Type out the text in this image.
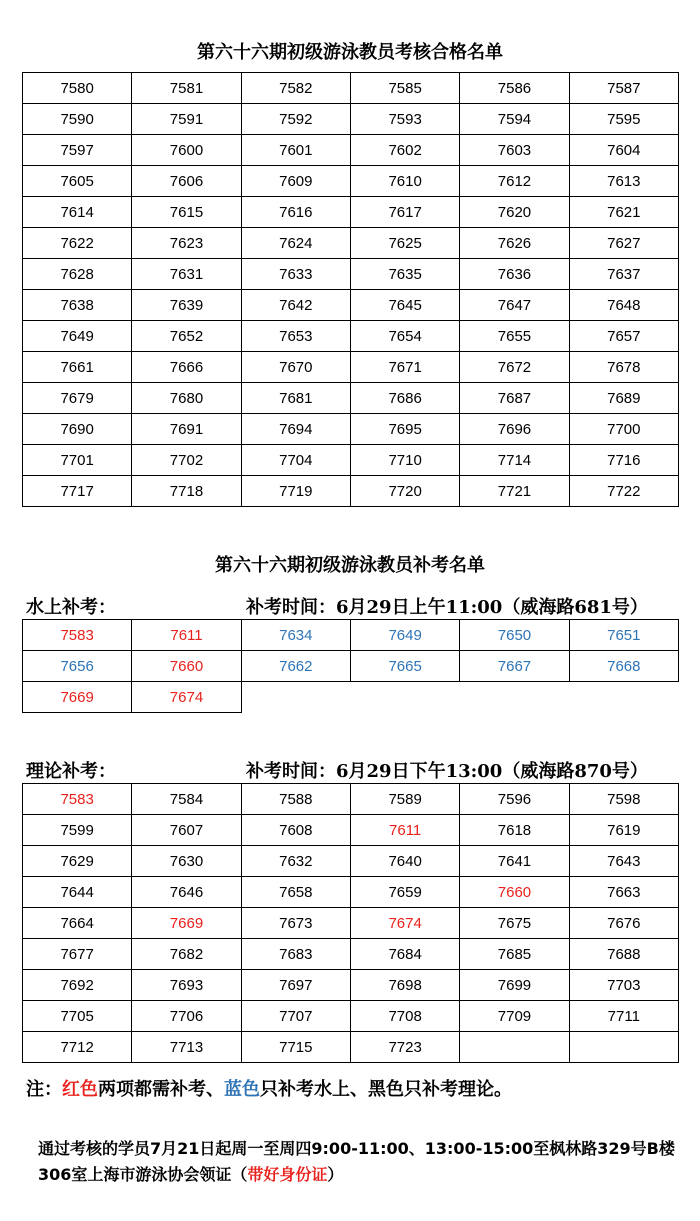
第六十六期初级游泳教员考核合格名单
7580	7581	7582	7585	7586	7587
7590	7591	7592	7593	7594	7595
7597	7600	7601	7602	7603	7604
7605	7606	7609	7610	7612	7613
7614	7615	7616	7617	7620	7621
7622	7623	7624	7625	7626	7627
7628	7631	7633	7635	7636	7637
7638	7639	7642	7645	7647	7648
7649	7652	7653	7654	7655	7657
7661	7666	7670	7671	7672	7678
7679	7680	7681	7686	7687	7689
7690	7691	7694	7695	7696	7700
7701	7702	7704	7710	7714	7716
7717	7718	7719	7720	7721	7722
第六十六期初级游泳教员补考名单
水上补考：	补考时间：6月29日上午11:00（威海路681号）
7583	7611	7634	7649	7650	7651
7656	7660	7662	7665	7667	7668
7669	7674				
理论补考：	补考时间：6月29日下午13:00（威海路870号）
7583	7584	7588	7589	7596	7598
7599	7607	7608	7611	7618	7619
7629	7630	7632	7640	7641	7643
7644	7646	7658	7659	7660	7663
7664	7669	7673	7674	7675	7676
7677	7682	7683	7684	7685	7688
7692	7693	7697	7698	7699	7703
7705	7706	7707	7708	7709	7711
7712	7713	7715	7723		
注：红色两项都需补考、蓝色只补考水上、黑色只补考理论。
通过考核的学员7月21日起周一至周四9:00-11:00、13:00-15:00至枫林路329号B楼306室上海市游泳协会领证（带好身份证）
